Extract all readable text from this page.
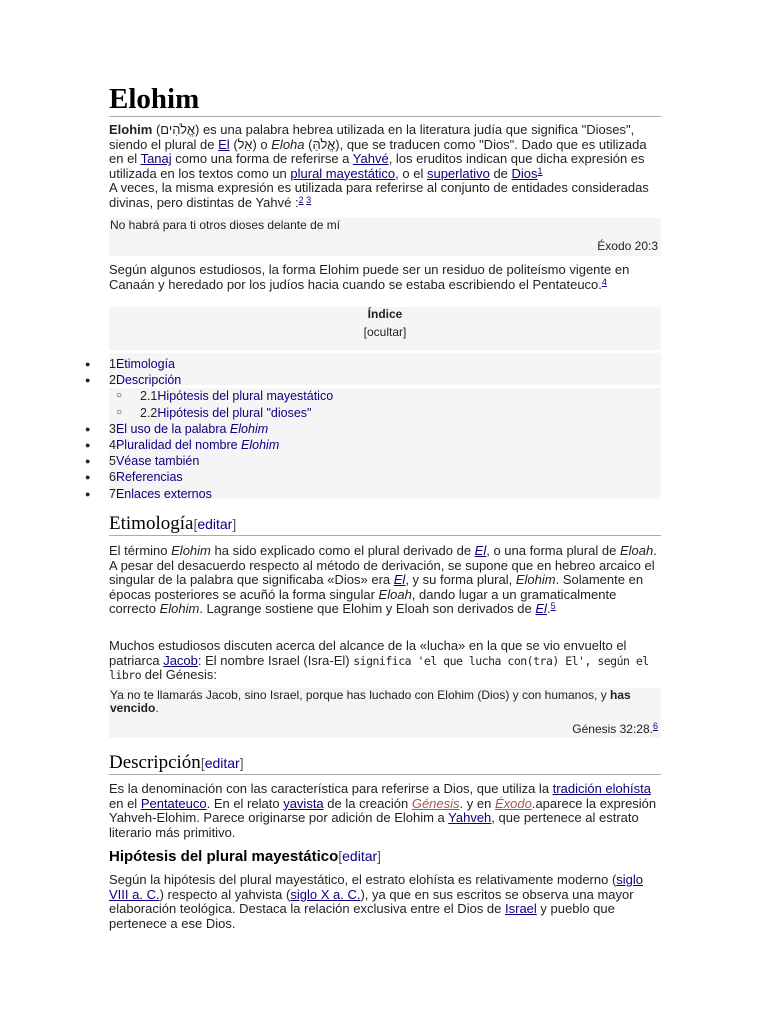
Elohim

Elohim (אֱלֹהִים) es una palabra hebrea utilizada en la literatura judía que significa "Dioses", siendo el plural de El (אֵל) o Eloha (אֱלֹהַּ), que se traducen como "Dios". Dado que es utilizada en el Tanaj como una forma de referirse a Yahvé, los eruditos indican que dicha expresión es utilizada en los textos como un plural mayestático, o el superlativo de Dios$^1$
A veces, la misma expresión es utilizada para referirse al conjunto de entidades consideradas divinas, pero distintas de Yahvé :$^{2 3}$

No habrá para ti otros dioses delante de mí
Éxodo 20:3

Según algunos estudiosos, la forma Elohim puede ser un residuo de politeísmo vigente en Canaán y heredado por los judíos hacia cuando se estaba escribiendo el Pentateuco.$^4$

Índice
[ocultar]
● 1Etimología
● 2Descripción
○ 2.1Hipótesis del plural mayestático
○ 2.2Hipótesis del plural "dioses"
● 3El uso de la palabra Elohim
● 4Pluralidad del nombre Elohim
● 5Véase también
● 6Referencias
● 7Enlaces externos
Etimología[editar]

El término Elohim ha sido explicado como el plural derivado de El, o una forma plural de Eloah. A pesar del desacuerdo respecto al método de derivación, se supone que en hebreo arcaico el singular de la palabra que significaba «Dios» era El, y su forma plural, Elohim. Solamente en épocas posteriores se acuñó la forma singular Eloah, dando lugar a un gramaticalmente correcto Elohim. Lagrange sostiene que Elohim y Eloah son derivados de El.$^5$

Muchos estudiosos discuten acerca del alcance de la «lucha» en la que se vio envuelto el patriarca Jacob: El nombre Israel (Isra-El) significa 'el que lucha con(tra) El', según el libro del Génesis:

Ya no te llamarás Jacob, sino Israel, porque has luchado con Elohim (Dios) y con humanos, y has vencido.
Génesis 32:28.$^6$
Descripción[editar]

Es la denominación con las característica para referirse a Dios, que utiliza la tradición elohísta en el Pentateuco. En el relato yavista de la creación Génesis. y en Éxodo.aparece la expresión Yahveh-Elohim. Parece originarse por adición de Elohim a Yahveh, que pertenece al estrato literario más primitivo.

Hipótesis del plural mayestático[editar]

Según la hipótesis del plural mayestático, el estrato elohísta es relativamente moderno (siglo VIII a. C.) respecto al yahvista (siglo X a. C.), ya que en sus escritos se observa una mayor elaboración teológica. Destaca la relación exclusiva entre el Dios de Israel y pueblo que pertenece a ese Dios.
